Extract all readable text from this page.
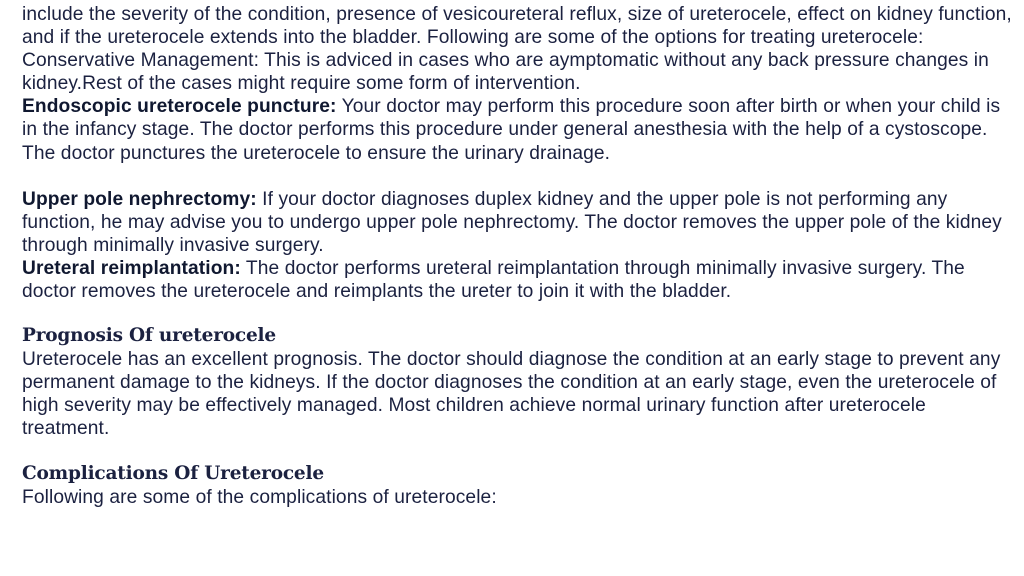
include the severity of the condition, presence of vesicoureteral reflux, size of ureterocele, effect on kidney function, and if the ureterocele extends into the bladder. Following are some of the options for treating ureterocele:

Conservative Management: This is adviced in cases who are aymptomatic without any back pressure changes in kidney.Rest of the cases might require some form of intervention.

Endoscopic ureterocele puncture: Your doctor may perform this procedure soon after birth or when your child is in the infancy stage. The doctor performs this procedure under general anesthesia with the help of a cystoscope. The doctor punctures the ureterocele to ensure the urinary drainage.

Upper pole nephrectomy: If your doctor diagnoses duplex kidney and the upper pole is not performing any function, he may advise you to undergo upper pole nephrectomy. The doctor removes the upper pole of the kidney through minimally invasive surgery.

Ureteral reimplantation: The doctor performs ureteral reimplantation through minimally invasive surgery. The doctor removes the ureterocele and reimplants the ureter to join it with the bladder.

Prognosis Of ureterocele

Ureterocele has an excellent prognosis. The doctor should diagnose the condition at an early stage to prevent any permanent damage to the kidneys. If the doctor diagnoses the condition at an early stage, even the ureterocele of high severity may be effectively managed. Most children achieve normal urinary function after ureterocele treatment.

Complications Of Ureterocele

Following are some of the complications of ureterocele:
